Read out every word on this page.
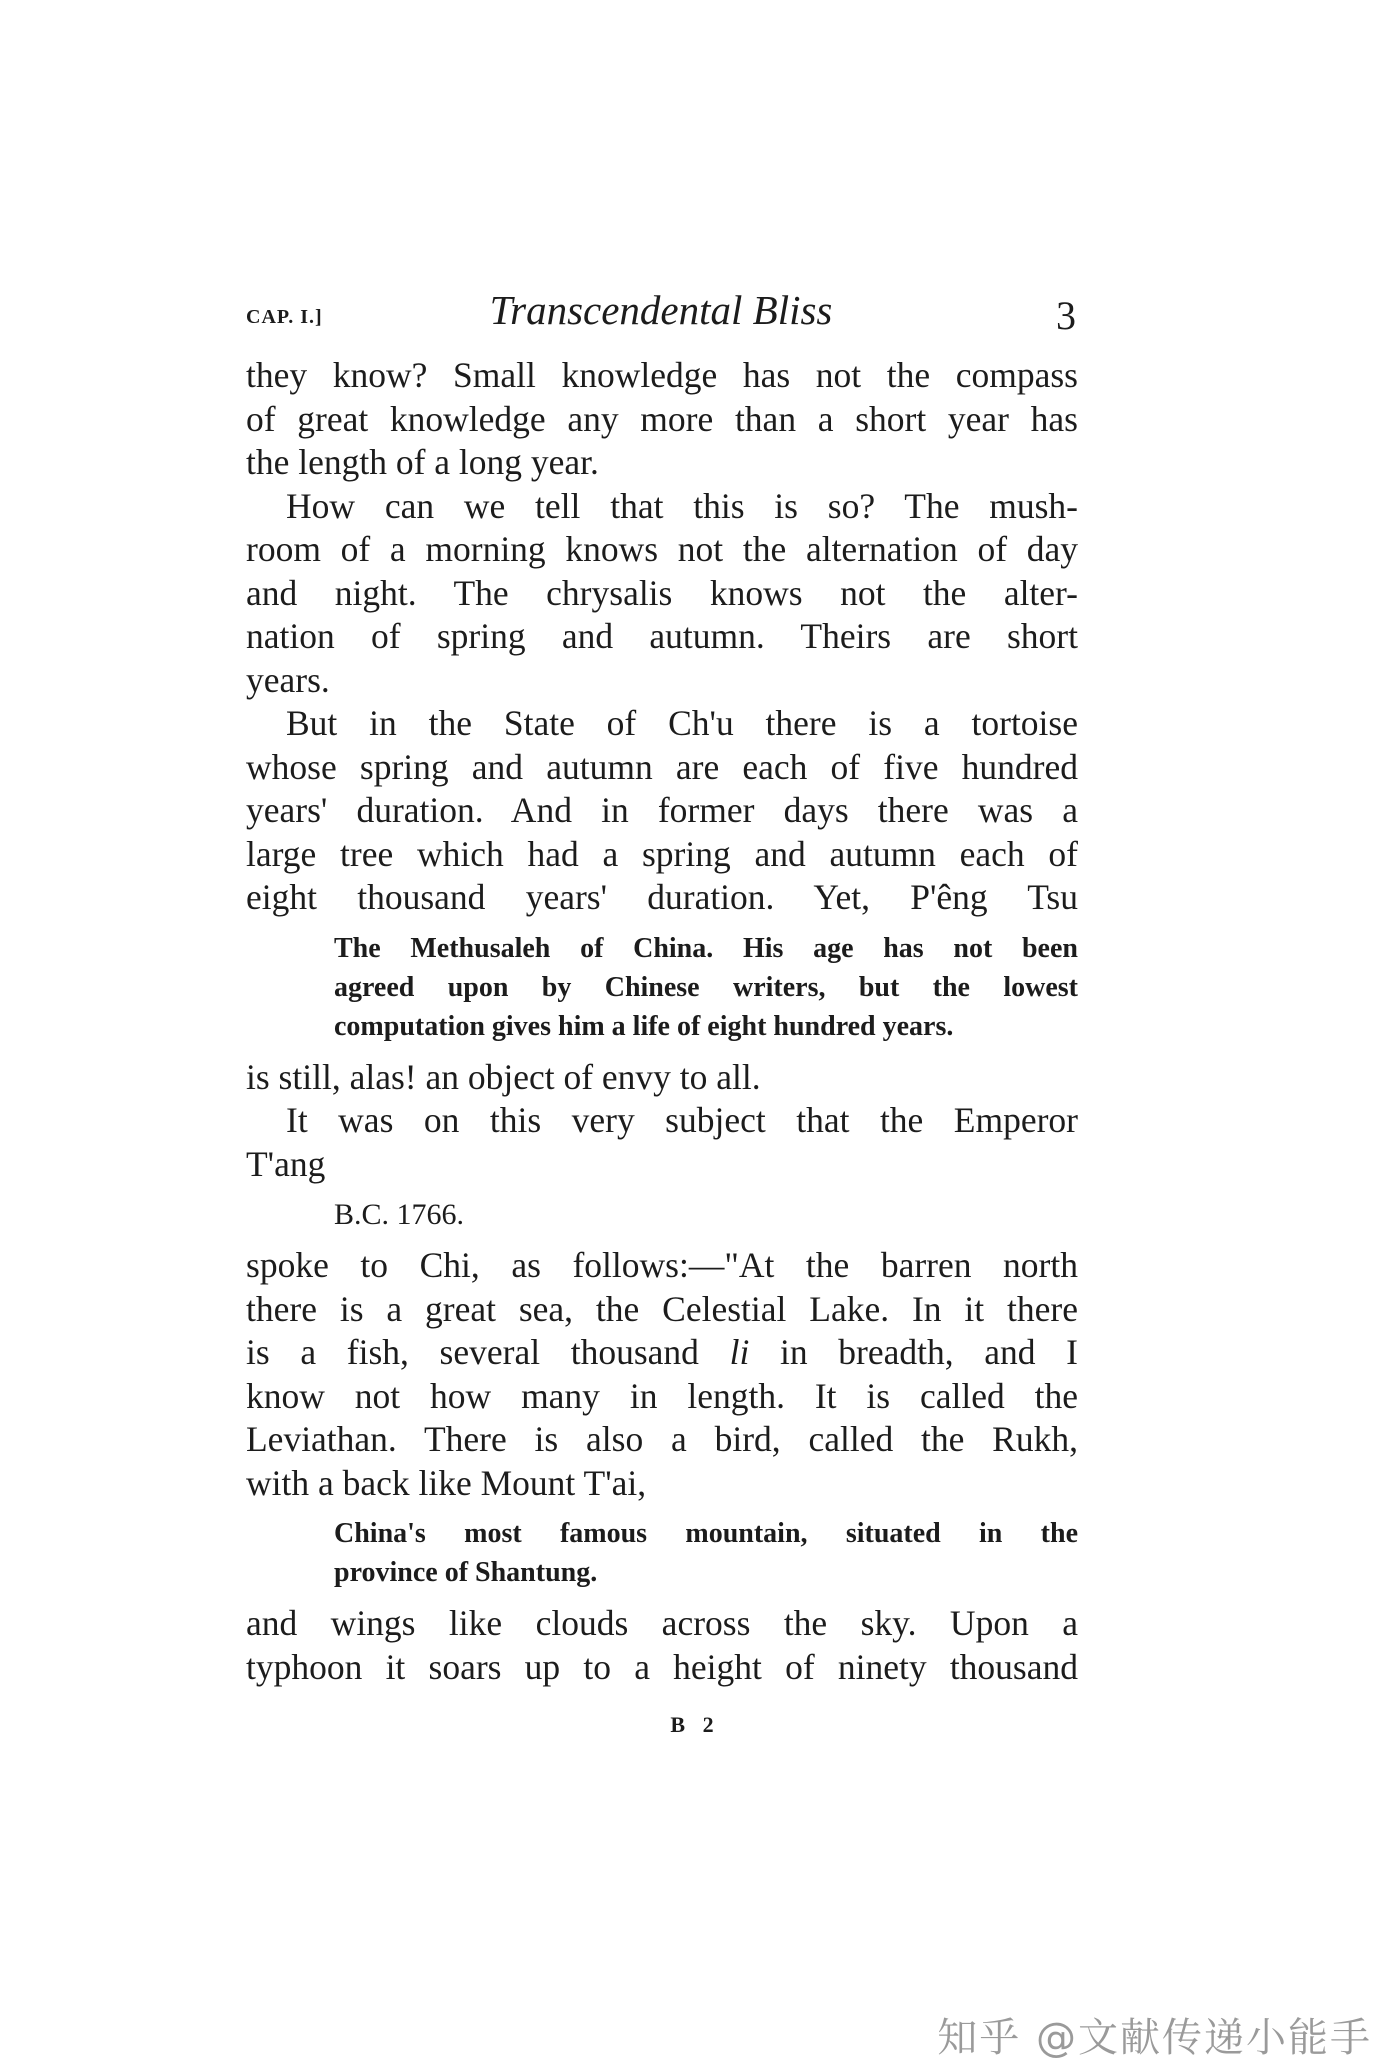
CAP. I.]	Transcendental Bliss	3
they know? Small knowledge has not the compass
of great knowledge any more than a short year has
the length of a long year.
How can we tell that this is so? The mush-
room of a morning knows not the alternation of day
and night. The chrysalis knows not the alter-
nation of spring and autumn. Theirs are short
years.
But in the State of Ch'u there is a tortoise
whose spring and autumn are each of five hundred
years' duration. And in former days there was a
large tree which had a spring and autumn each of
eight thousand years' duration. Yet, P'êng Tsu
The Methusaleh of China. His age has not been
agreed upon by Chinese writers, but the lowest
computation gives him a life of eight hundred years.
is still, alas! an object of envy to all.
It was on this very subject that the Emperor
T'ang
B.C. 1766.
spoke to Chi, as follows:—"At the barren north
there is a great sea, the Celestial Lake. In it there
is a fish, several thousand li in breadth, and I
know not how many in length. It is called the
Leviathan. There is also a bird, called the Rukh,
with a back like Mount T'ai,
China's most famous mountain, situated in the
province of Shantung.
and wings like clouds across the sky. Upon a
typhoon it soars up to a height of ninety thousand
B 2
知乎 @文献传递小能手
